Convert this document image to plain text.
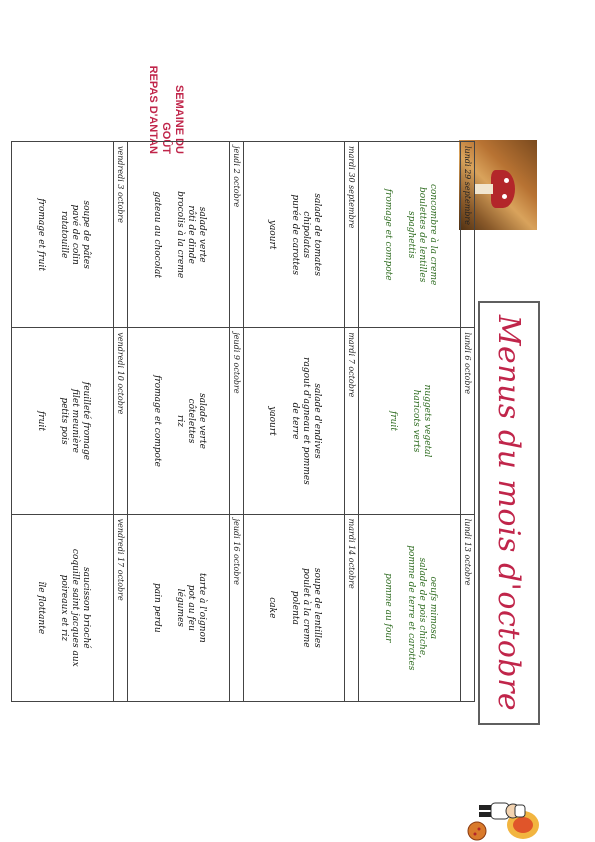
Menus du mois d'octobre
SEMAINE DU
GOÛT
REPAS D'ANTAN
lundi 29 septembre
concombre à la creme
boulettes de lentilles
spaghettis
fromage et compote
lundi 6 octobre
nuggets vegetal
haricots verts
fruit
lundi 13 octobre
oeufs mimosa
salade de pois chiche,
pomme de terre et carottes
pomme au four
mardi 30 septembre
salade de tomates
chipolatas
purée de carottes
yaourt
mardi 7 octobre
salade d'endives
ragout d'agneau et pommes
de terre
yaourt
mardi 14 octobre
soupe de lentilles
poulet à la creme
polenta
cake
jeudi 2 octobre
salade verte
rôti de dinde
brocolis à la creme
gateau au chocolat
jeudi 9 octobre
salade verte
côtelettes
riz
fromage et compote
jeudi 16 octobre
tarte à l'oignon
pot au feu
légumes
pain perdu
vendredi 3 octobre
soupe de pâtes
pavé de colin
ratatouille
fromage et fruit
vendredi 10 octobre
feuilleté fromage
filet meunière
petits pois
fruit
vendredi 17 octobre
saucisson brioché
coquille saint jacques aux
poireaux et riz
île flottante
